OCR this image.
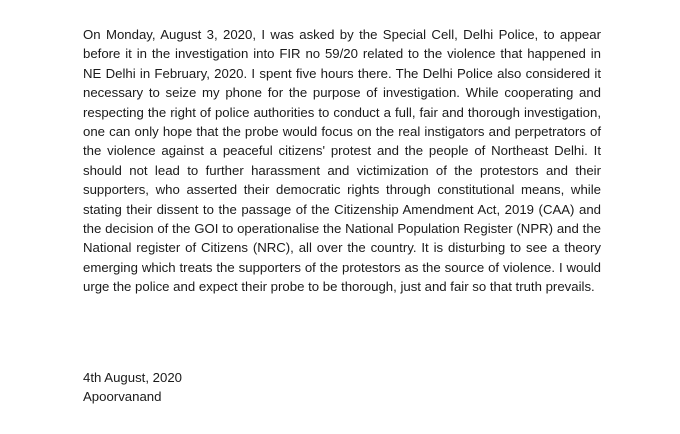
On Monday, August 3, 2020, I was asked by the Special Cell, Delhi Police, to appear before it in the investigation into FIR no 59/20 related to the violence that happened in NE Delhi in February, 2020. I spent five hours there. The Delhi Police also considered it necessary to seize my phone for the purpose of investigation. While cooperating and respecting the right of police authorities to conduct a full, fair and thorough investigation, one can only hope that the probe would focus on the real instigators and perpetrators of the violence against a peaceful citizens' protest and the people of Northeast Delhi. It should not lead to further harassment and victimization of the protestors and their supporters, who asserted their democratic rights through constitutional means, while stating their dissent to the passage of the Citizenship Amendment Act, 2019 (CAA) and the decision of the GOI to operationalise the National Population Register (NPR) and the National register of Citizens (NRC), all over the country. It is disturbing to see a theory emerging which treats the supporters of the protestors as the source of violence. I would urge the police and expect their probe to be thorough, just and fair so that truth prevails.

4th August, 2020

Apoorvanand
